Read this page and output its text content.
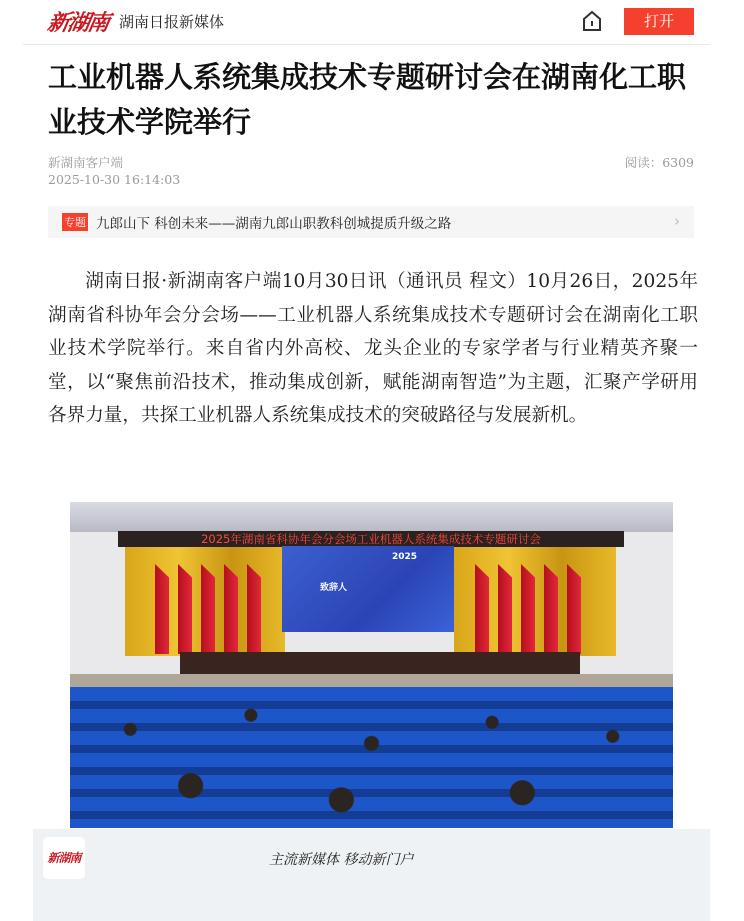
新湖南 湖南日报新媒体	打开
工业机器人系统集成技术专题研讨会在湖南化工职业技术学院举行
新湖南客户端
2025-10-30 16:14:03
阅读：6309
专题 九郎山下 科创未来——湖南九郎山职教科创城提质升级之路	›

湖南日报·新湖南客户端10月30日讯（通讯员 程文）10月26日，2025年湖南省科协年会分会场——工业机器人系统集成技术专题研讨会在湖南化工职业技术学院举行。来自省内外高校、龙头企业的专家学者与行业精英齐聚一堂，以“聚焦前沿技术，推动集成创新，赋能湖南智造”为主题，汇聚产学研用各界力量，共探工业机器人系统集成技术的突破路径与发展新机。

2025年湖南省科协年会分会场工业机器人系统集成技术专题研讨会
致辞人
2025
新湖南	主流新媒体 移动新门户
